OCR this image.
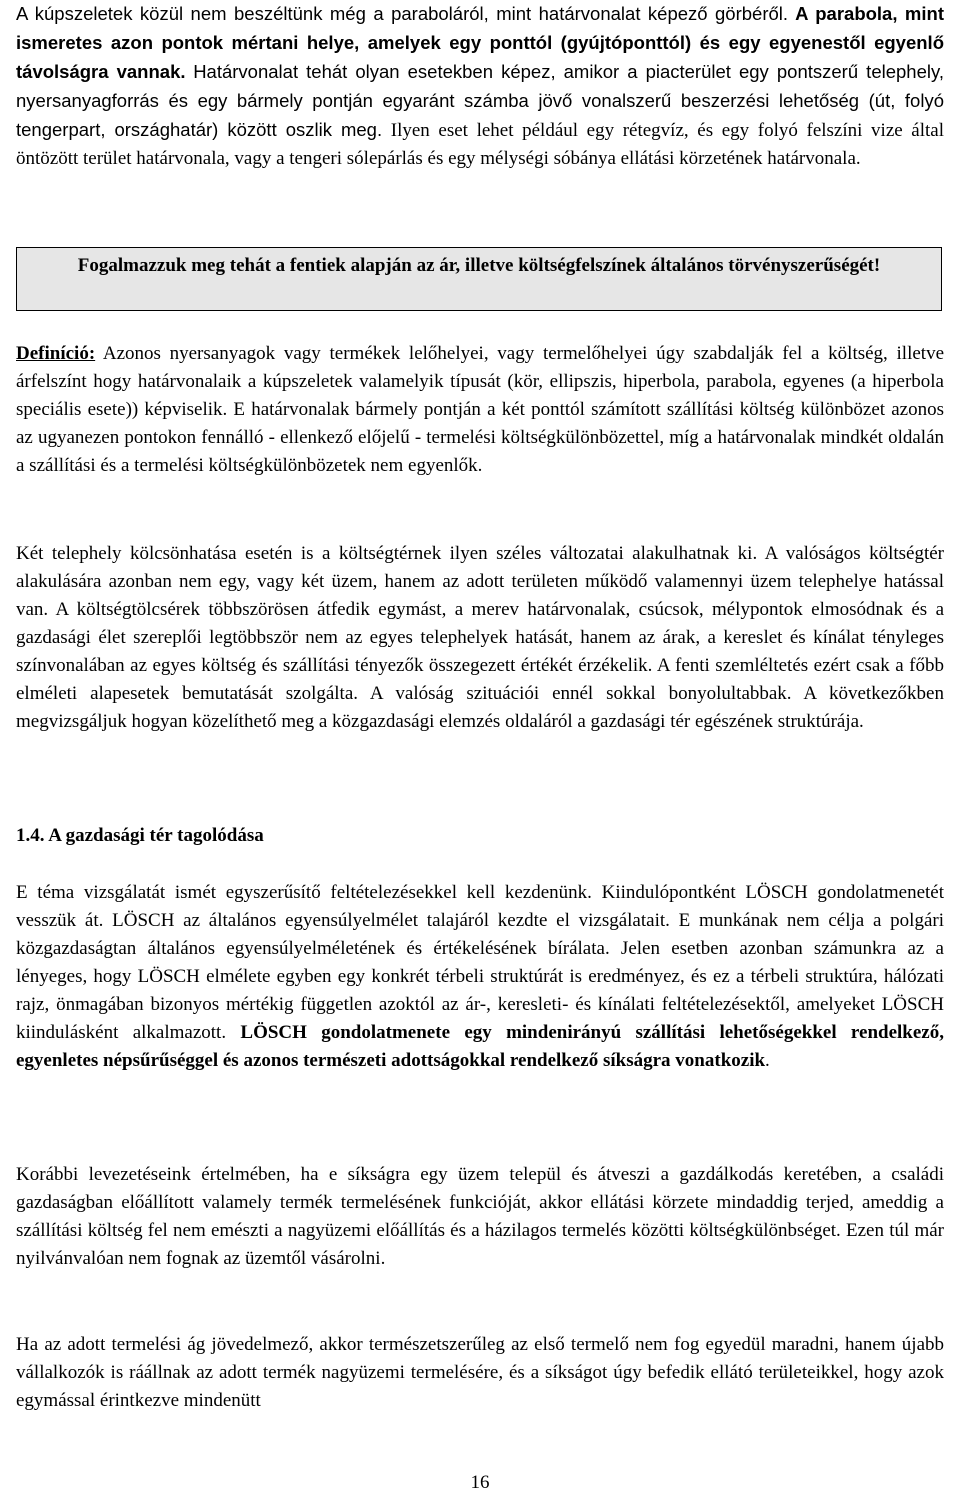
A kúpszeletek közül nem beszéltünk még a paraboláról, mint határvonalat képező görbéről. A parabola, mint ismeretes azon pontok mértani helye, amelyek egy ponttól (gyújtóponttól) és egy egyenestől egyenlő távolságra vannak. Határvonalat tehát olyan esetekben képez, amikor a piacterület egy pontszerű telephely, nyersanyagforrás és egy bármely pontján egyaránt számba jövő vonalszerű beszerzési lehetőség (út, folyó tengerpart, országhatár) között oszlik meg. Ilyen eset lehet például egy rétegvíz, és egy folyó felszíni vize által öntözött terület határvonala, vagy a tengeri sólepárlás és egy mélységi sóbánya ellátási körzetének határvonala.

Fogalmazzuk meg tehát a fentiek alapján az ár, illetve költségfelszínek általános törvényszerűségét!

Definíció: Azonos nyersanyagok vagy termékek lelőhelyei, vagy termelőhelyei úgy szabdalják fel a költség, illetve árfelszínt hogy határvonalaik a kúpszeletek valamelyik típusát (kör, ellipszis, hiperbola, parabola, egyenes (a hiperbola speciális esete)) képviselik. E határvonalak bármely pontján a két ponttól számított szállítási költség különbözet azonos az ugyanezen pontokon fennálló - ellenkező előjelű - termelési költségkülönbözettel, míg a határvonalak mindkét oldalán a szállítási és a termelési költségkülönbözetek nem egyenlők.

Két telephely kölcsönhatása esetén is a költségtérnek ilyen széles változatai alakulhatnak ki. A valóságos költségtér alakulására azonban nem egy, vagy két üzem, hanem az adott területen működő valamennyi üzem telephelye hatással van. A költségtölcsérek többszörösen átfedik egymást, a merev határvonalak, csúcsok, mélypontok elmosódnak és a gazdasági élet szereplői legtöbbször nem az egyes telephelyek hatását, hanem az árak, a kereslet és kínálat tényleges színvonalában az egyes költség és szállítási tényezők összegezett értékét érzékelik. A fenti szemléltetés ezért csak a főbb elméleti alapesetek bemutatását szolgálta. A valóság szituációi ennél sokkal bonyolultabbak. A következőkben megvizsgáljuk hogyan közelíthető meg a közgazdasági elemzés oldaláról a gazdasági tér egészének struktúrája.

1.4. A gazdasági tér tagolódása

E téma vizsgálatát ismét egyszerűsítő feltételezésekkel kell kezdenünk. Kiindulópontként LÖSCH gondolatmenetét vesszük át. LÖSCH az általános egyensúlyelmélet talajáról kezdte el vizsgálatait. E munkának nem célja a polgári közgazdaságtan általános egyensúlyelméletének és értékelésének bírálata. Jelen esetben azonban számunkra az a lényeges, hogy LÖSCH elmélete egyben egy konkrét térbeli struktúrát is eredményez, és ez a térbeli struktúra, hálózati rajz, önmagában bizonyos mértékig független azoktól az ár-, keresleti- és kínálati feltételezésektől, amelyeket LÖSCH kiindulásként alkalmazott. LÖSCH gondolatmenete egy mindenirányú szállítási lehetőségekkel rendelkező, egyenletes népsűrűséggel és azonos természeti adottságokkal rendelkező síkságra vonatkozik.

Korábbi levezetéseink értelmében, ha e síkságra egy üzem települ és átveszi a gazdálkodás keretében, a családi gazdaságban előállított valamely termék termelésének funkcióját, akkor ellátási körzete mindaddig terjed, ameddig a szállítási költség fel nem emészti a nagyüzemi előállítás és a házilagos termelés közötti költségkülönbséget. Ezen túl már nyilvánvalóan nem fognak az üzemtől vásárolni.

Ha az adott termelési ág jövedelmező, akkor természetszerűleg az első termelő nem fog egyedül maradni, hanem újabb vállalkozók is ráállnak az adott termék nagyüzemi termelésére, és a síkságot úgy befedik ellátó területeikkel, hogy azok egymással érintkezve mindenütt

16
